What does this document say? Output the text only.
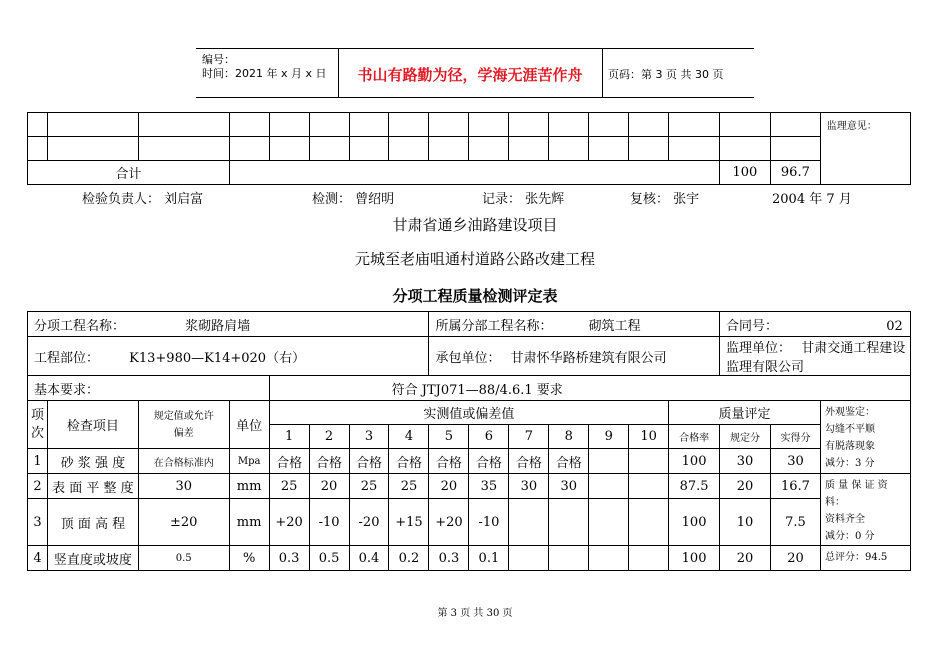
编号：
时间：2021 年 x 月 x 日	书山有路勤为径，学海无涯苦作舟	页码：第 3 页 共 30 页
																	监理意见：

合计															100	96.7	
检验负责人： 刘启富	检测： 曾绍明	记录： 张先辉	复核： 张宇	2004 年 7 月
甘肃省通乡油路建设项目
元城至老庙咀通村道路公路改建工程
分项工程质量检测评定表
分项工程名称： 浆砌路肩墙								所属分部工程名称： 砌筑工程							合同号： 02		
工程部位： K13+980—K14+020（右）								承包单位： 甘肃怀华路桥建筑有限公司							监理单位： 甘肃交通工程建设监理有限公司		
基本要求：				符合 JTJ071—88/4.6.1 要求													
项次	检查项目	规定值或允许偏差	单位	实测值或偏差值										质量评定			外观鉴定：
勾缝不平顺
有脱落现象
减分：3 分

				1	2	3	4	5	6	7	8	9	10	合格率	规定分	实得分	
1	砂 浆 强 度	在合格标准内	Mpa	合格	合格	合格	合格	合格	合格	合格	合格			100	30	30	
2	表 面 平 整 度	30	mm	25	20	25	25	20	35	30	30			87.5	20	16.7	质 量 保 证 资 料：
资料齐全
减分：0 分

3	顶 面 高 程	±20	mm	+20	-10	-20	+15	+20	-10					100	10	7.5	
4	竖直度或坡度	0.5	%	0.3	0.5	0.4	0.2	0.3	0.1					100	20	20	总评分：94.5
第 3 页 共 30 页
